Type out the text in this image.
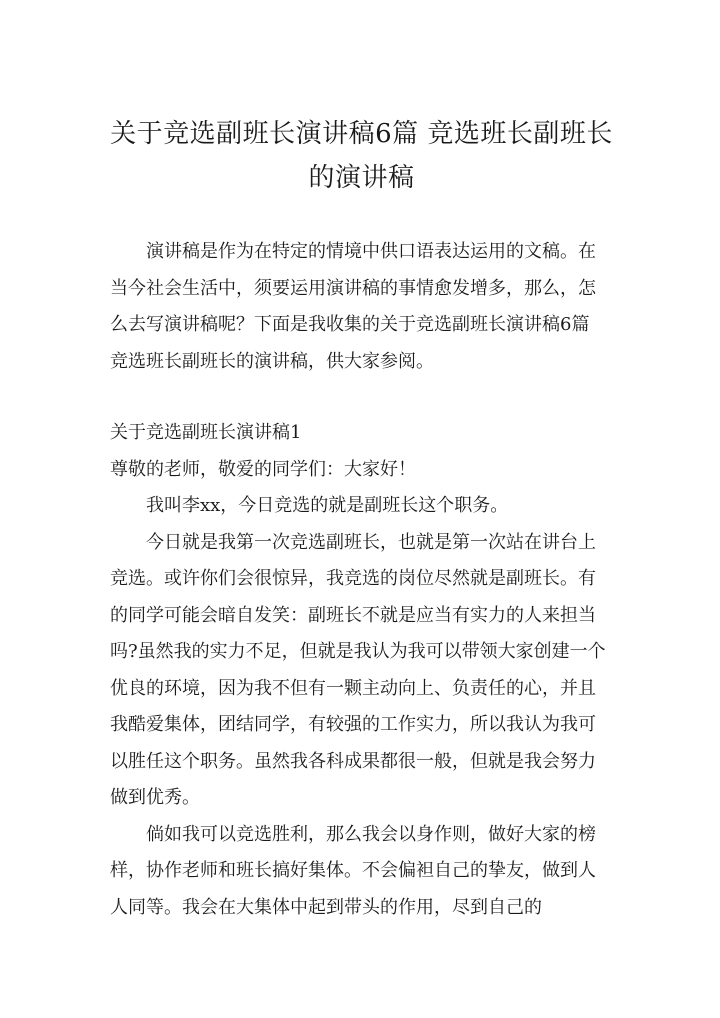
关于竞选副班长演讲稿6篇 竞选班长副班长的演讲稿

演讲稿是作为在特定的情境中供口语表达运用的文稿。在当今社会生活中，须要运用演讲稿的事情愈发增多，那么，怎么去写演讲稿呢？下面是我收集的关于竞选副班长演讲稿6篇 竞选班长副班长的演讲稿，供大家参阅。

关于竞选副班长演讲稿1

尊敬的老师，敬爱的同学们：大家好！

我叫李xx，今日竞选的就是副班长这个职务。

今日就是我第一次竞选副班长，也就是第一次站在讲台上竞选。或许你们会很惊异，我竞选的岗位尽然就是副班长。有的同学可能会暗自发笑：副班长不就是应当有实力的人来担当吗?虽然我的实力不足，但就是我认为我可以带领大家创建一个优良的环境，因为我不但有一颗主动向上、负责任的心，并且我酷爱集体，团结同学，有较强的工作实力，所以我认为我可以胜任这个职务。虽然我各科成果都很一般，但就是我会努力做到优秀。

倘如我可以竞选胜利，那么我会以身作则，做好大家的榜样，协作老师和班长搞好集体。不会偏袒自己的挚友，做到人人同等。我会在大集体中起到带头的作用，尽到自己的
